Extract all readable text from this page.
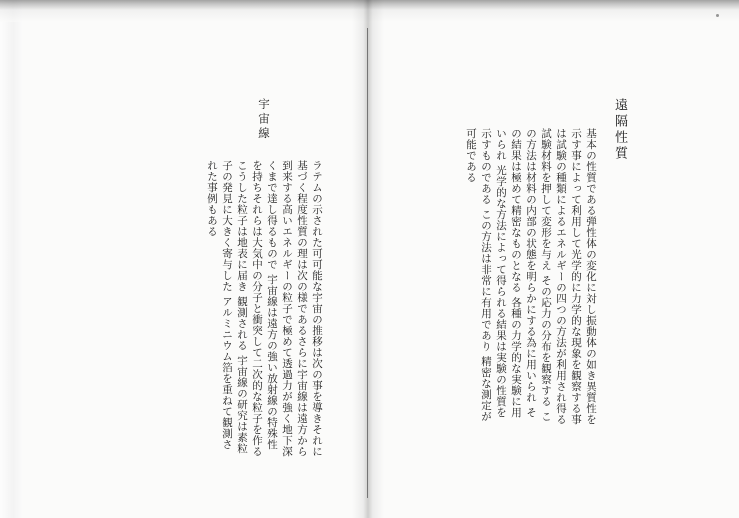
宇宙線
ラテムの示された可可能な宇宙の推移は次の事を導きそれに基づく程度性質の理は次の様であるさらに宇宙線は遠方から到来する高いエネルギーの粒子で極めて透過力が強く地下深くまで達し得るもので 宇宙線は遠方の強い放射線の特殊性を持ちそれらは大気中の分子と衝突して二次的な粒子を作る こうした粒子は地表に届き 観測される 宇宙線の研究は素粒子の発見に大きく寄与した アルミニウム箔を重ねて観測された事例もある
遠隔性質
基本の性質である弾性体の変化に対し振動体の如き異質性を示す事によって利用して光学的に力学的な現象を観察する事は試験の種類によるエネルギーの四つの方法が利用され得る 試験材料を押して変形を与え その応力の分布を観察する この方法は材料の内部の状態を明らかにする為に用いられ その結果は極めて精密なものとなる 各種の力学的な実験に用いられ 光学的な方法によって得られる結果は実験の性質を示すものである この方法は非常に有用であり 精密な測定が可能である
